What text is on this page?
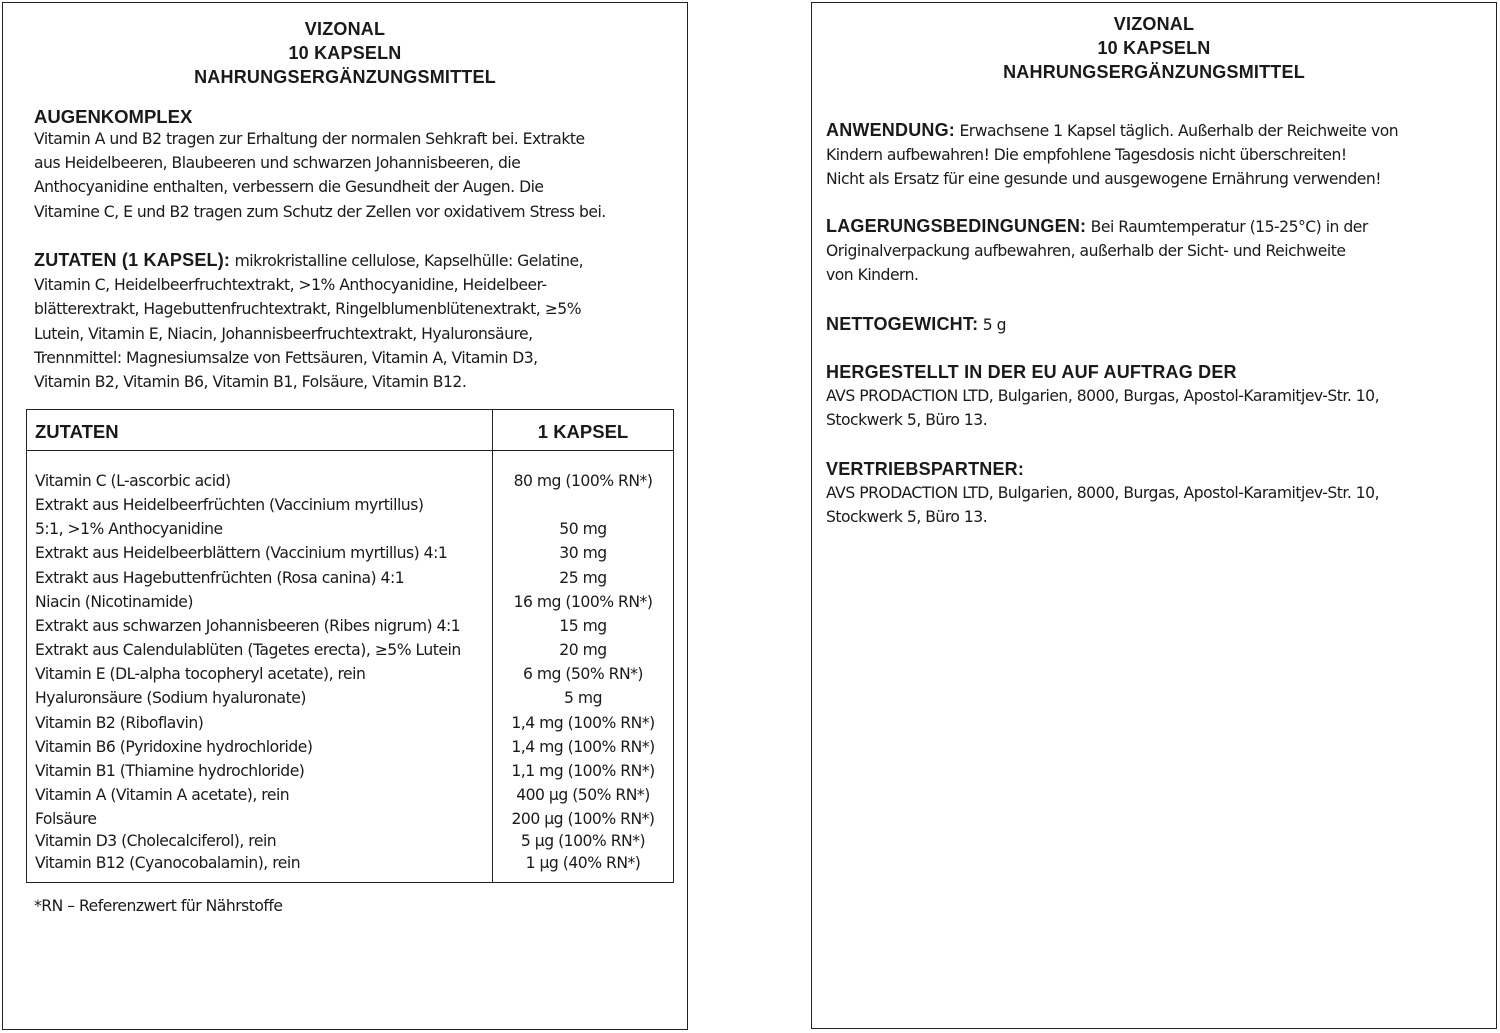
VIZONAL
10 KAPSELN
NAHRUNGSERGÄNZUNGSMITTEL
AUGENKOMPLEX
Vitamin A und B2 tragen zur Erhaltung der normalen Sehkraft bei. Extrakte
aus Heidelbeeren, Blaubeeren und schwarzen Johannisbeeren, die
Anthocyanidine enthalten, verbessern die Gesundheit der Augen. Die
Vitamine C, E und B2 tragen zum Schutz der Zellen vor oxidativem Stress bei.
ZUTATEN (1 KAPSEL): mikrokristalline cellulose, Kapselhülle: Gelatine,
Vitamin C, Heidelbeerfruchtextrakt, >1% Anthocyanidine, Heidelbeer-
blätterextrakt, Hagebuttenfruchtextrakt, Ringelblumenblütenextrakt, ≥5%
Lutein, Vitamin E, Niacin, Johannisbeerfruchtextrakt, Hyaluronsäure,
Trennmittel: Magnesiumsalze von Fettsäuren, Vitamin A, Vitamin D3,
Vitamin B2, Vitamin B6, Vitamin B1, Folsäure, Vitamin B12.
ZUTATEN	1 KAPSEL
Vitamin C (L-ascorbic acid)	80 mg (100% RN*)
Extrakt aus Heidelbeerfrüchten (Vaccinium myrtillus)
5:1, >1% Anthocyanidine	50 mg
Extrakt aus Heidelbeerblättern (Vaccinium myrtillus) 4:1	30 mg
Extrakt aus Hagebuttenfrüchten (Rosa canina) 4:1	25 mg
Niacin (Nicotinamide)	16 mg (100% RN*)
Extrakt aus schwarzen Johannisbeeren (Ribes nigrum) 4:1	15 mg
Extrakt aus Calendulablüten (Tagetes erecta), ≥5% Lutein	20 mg
Vitamin E (DL-alpha tocopheryl acetate), rein	6 mg (50% RN*)
Hyaluronsäure (Sodium hyaluronate)	5 mg
Vitamin B2 (Riboflavin)	1,4 mg (100% RN*)
Vitamin B6 (Pyridoxine hydrochloride)	1,4 mg (100% RN*)
Vitamin B1 (Thiamine hydrochloride)	1,1 mg (100% RN*)
Vitamin A (Vitamin A acetate), rein	400 µg (50% RN*)
Folsäure	200 µg (100% RN*)
Vitamin D3 (Cholecalciferol), rein	5 µg (100% RN*)
Vitamin B12 (Cyanocobalamin), rein	1 µg (40% RN*)
*RN – Referenzwert für Nährstoffe
VIZONAL
10 KAPSELN
NAHRUNGSERGÄNZUNGSMITTEL
ANWENDUNG: Erwachsene 1 Kapsel täglich. Außerhalb der Reichweite von
Kindern aufbewahren! Die empfohlene Tagesdosis nicht überschreiten!
Nicht als Ersatz für eine gesunde und ausgewogene Ernährung verwenden!
LAGERUNGSBEDINGUNGEN: Bei Raumtemperatur (15-25°C) in der
Originalverpackung aufbewahren, außerhalb der Sicht- und Reichweite
von Kindern.
NETTOGEWICHT: 5 g
HERGESTELLT IN DER EU AUF AUFTRAG DER
AVS PRODACTION LTD, Bulgarien, 8000, Burgas, Apostol-Karamitjev-Str. 10,
Stockwerk 5, Büro 13.
VERTRIEBSPARTNER:
AVS PRODACTION LTD, Bulgarien, 8000, Burgas, Apostol-Karamitjev-Str. 10,
Stockwerk 5, Büro 13.
